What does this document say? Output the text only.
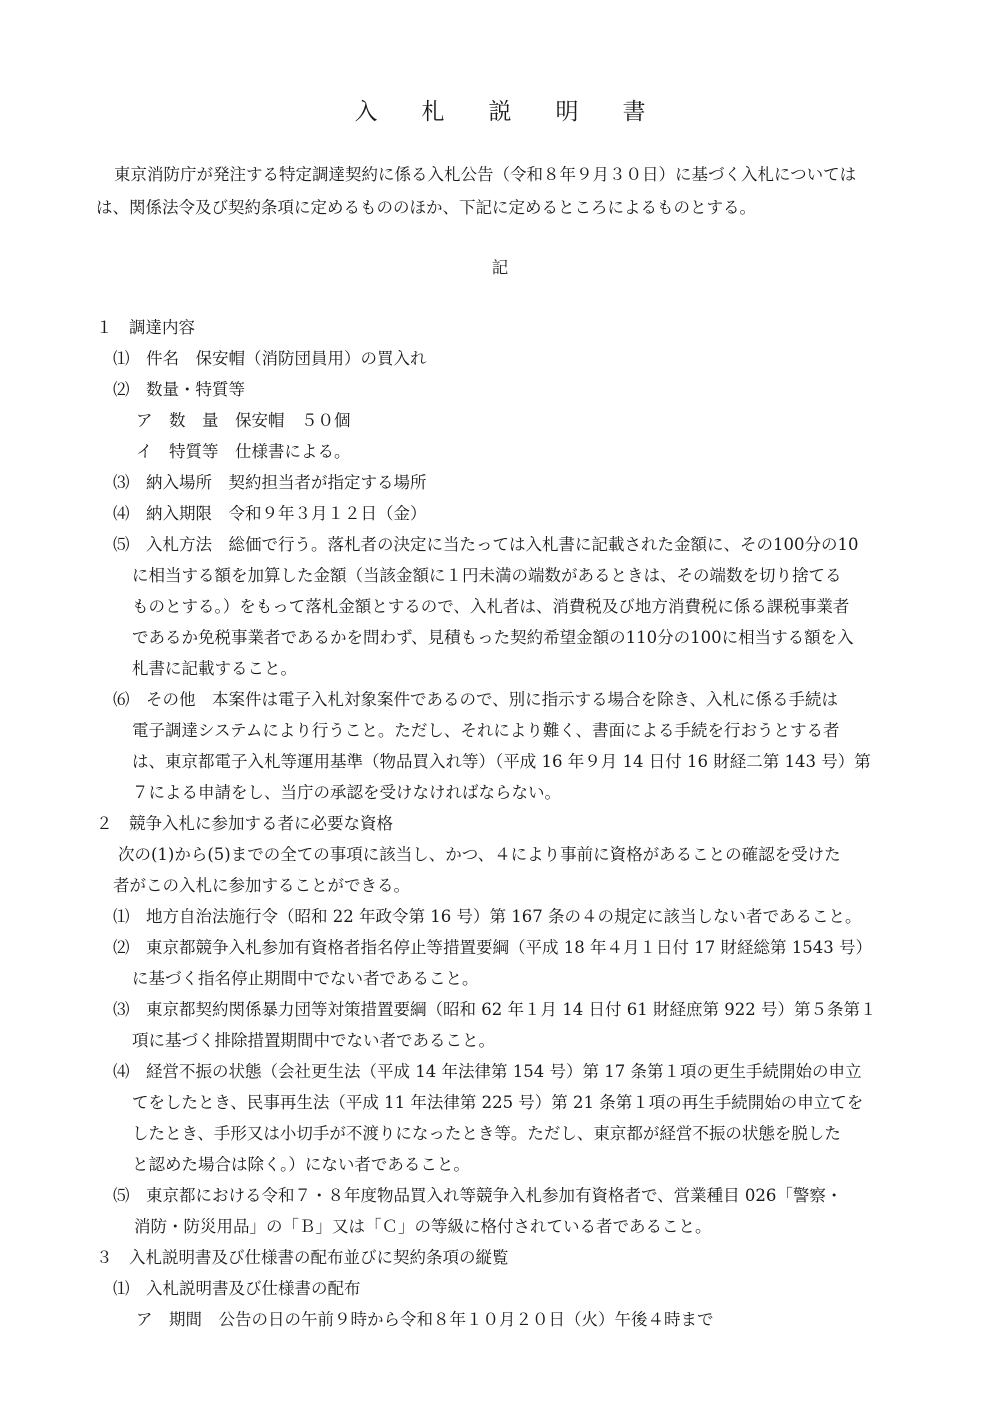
入札説明書
東京消防庁が発注する特定調達契約に係る入札公告（令和８年９月３０日）に基づく入札については
は、関係法令及び契約条項に定めるもののほか、下記に定めるところによるものとする。
記
１　調達内容
⑴　件名　保安帽（消防団員用）の買入れ
⑵　数量・特質等
ア　数　量　保安帽　５０個
イ　特質等　仕様書による。
⑶　納入場所　契約担当者が指定する場所
⑷　納入期限　令和９年３月１２日（金）
⑸　入札方法　総価で行う。落札者の決定に当たっては入札書に記載された金額に、その100分の10
に相当する額を加算した金額（当該金額に１円未満の端数があるときは、その端数を切り捨てる
ものとする。）をもって落札金額とするので、入札者は、消費税及び地方消費税に係る課税事業者
であるか免税事業者であるかを問わず、見積もった契約希望金額の110分の100に相当する額を入
札書に記載すること。
⑹　その他　本案件は電子入札対象案件であるので、別に指示する場合を除き、入札に係る手続は
電子調達システムにより行うこと。ただし、それにより難く、書面による手続を行おうとする者
は、東京都電子入札等運用基準（物品買入れ等）（平成 16 年９月 14 日付 16 財経二第 143 号）第
７による申請をし、当庁の承認を受けなければならない。
２　競争入札に参加する者に必要な資格
次の(1)から(5)までの全ての事項に該当し、かつ、４により事前に資格があることの確認を受けた
者がこの入札に参加することができる。
⑴　地方自治法施行令（昭和 22 年政令第 16 号）第 167 条の４の規定に該当しない者であること。
⑵　東京都競争入札参加有資格者指名停止等措置要綱（平成 18 年４月１日付 17 財経総第 1543 号）
に基づく指名停止期間中でない者であること。
⑶　東京都契約関係暴力団等対策措置要綱（昭和 62 年１月 14 日付 61 財経庶第 922 号）第５条第１
項に基づく排除措置期間中でない者であること。
⑷　経営不振の状態（会社更生法（平成 14 年法律第 154 号）第 17 条第１項の更生手続開始の申立
てをしたとき、民事再生法（平成 11 年法律第 225 号）第 21 条第１項の再生手続開始の申立てを
したとき、手形又は小切手が不渡りになったとき等。ただし、東京都が経営不振の状態を脱した
と認めた場合は除く。）にない者であること。
⑸　東京都における令和７・８年度物品買入れ等競争入札参加有資格者で、営業種目 026「警察・
消防・防災用品」の「Ｂ」又は「Ｃ」の等級に格付されている者であること。
３　入札説明書及び仕様書の配布並びに契約条項の縦覧
⑴　入札説明書及び仕様書の配布
ア　期間　公告の日の午前９時から令和８年１０月２０日（火）午後４時まで
